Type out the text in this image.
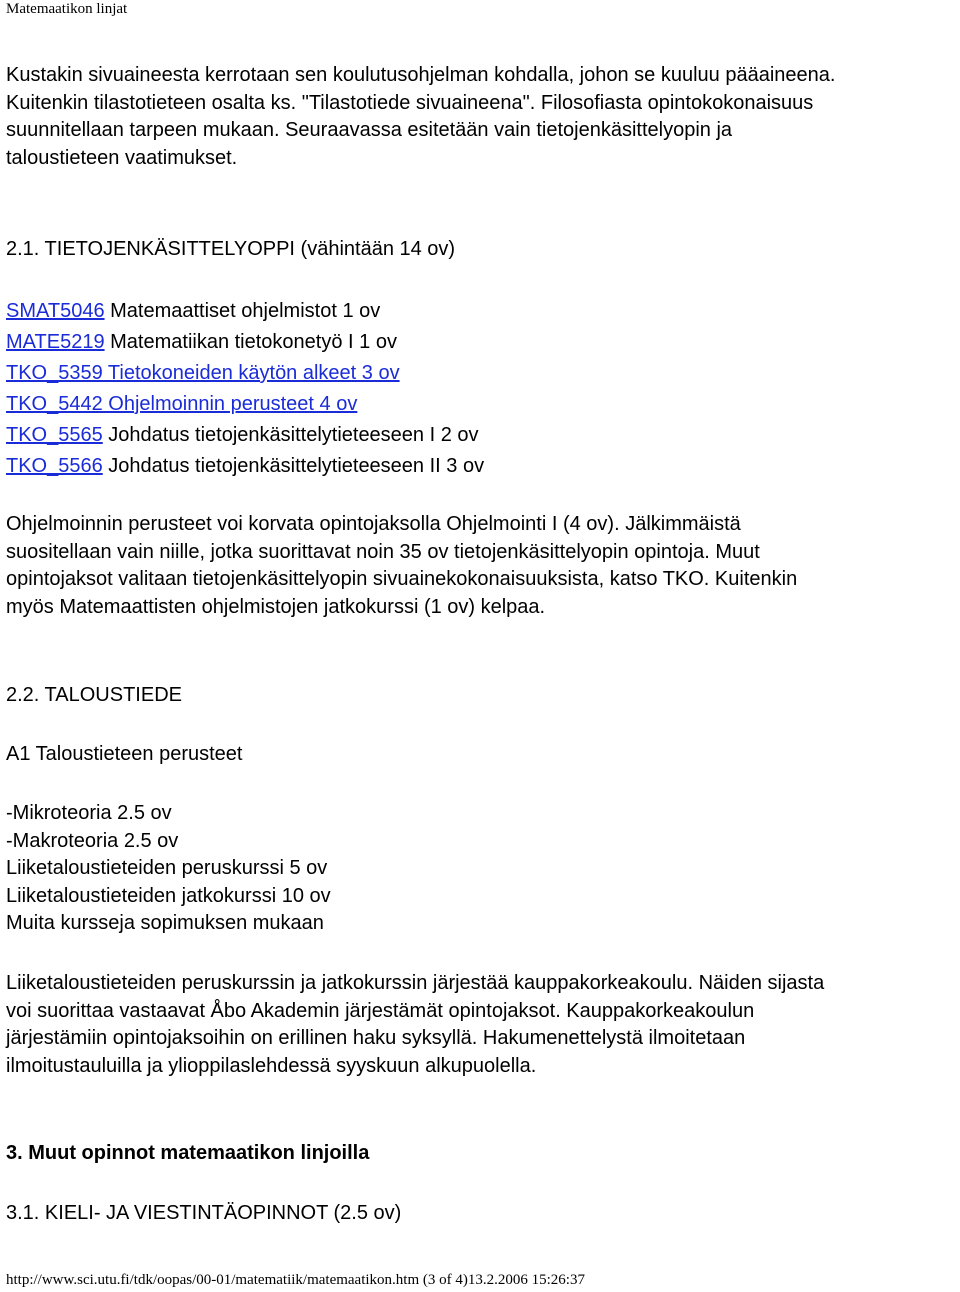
Matemaatikon linjat
Kustakin sivuaineesta kerrotaan sen koulutusohjelman kohdalla, johon se kuuluu pääaineena.
Kuitenkin tilastotieteen osalta ks. "Tilastotiede sivuaineena". Filosofiasta opintokokonaisuus
suunnitellaan tarpeen mukaan. Seuraavassa esitetään vain tietojenkäsittelyopin ja
taloustieteen vaatimukset.
2.1. TIETOJENKÄSITTELYOPPI (vähintään 14 ov)
SMAT5046 Matemaattiset ohjelmistot 1 ov
MATE5219 Matematiikan tietokonetyö I 1 ov
TKO_5359 Tietokoneiden käytön alkeet 3 ov
TKO_5442 Ohjelmoinnin perusteet 4 ov
TKO_5565 Johdatus tietojenkäsittelytieteeseen I 2 ov
TKO_5566 Johdatus tietojenkäsittelytieteeseen II 3 ov
Ohjelmoinnin perusteet voi korvata opintojaksolla Ohjelmointi I (4 ov). Jälkimmäistä
suositellaan vain niille, jotka suorittavat noin 35 ov tietojenkäsittelyopin opintoja. Muut
opintojaksot valitaan tietojenkäsittelyopin sivuainekokonaisuuksista, katso TKO. Kuitenkin
myös Matemaattisten ohjelmistojen jatkokurssi (1 ov) kelpaa.
2.2. TALOUSTIEDE
A1 Taloustieteen perusteet
-Mikroteoria 2.5 ov
-Makroteoria 2.5 ov
Liiketaloustieteiden peruskurssi 5 ov
Liiketaloustieteiden jatkokurssi 10 ov
Muita kursseja sopimuksen mukaan
Liiketaloustieteiden peruskurssin ja jatkokurssin järjestää kauppakorkeakoulu. Näiden sijasta
voi suorittaa vastaavat Åbo Akademin järjestämät opintojaksot. Kauppakorkeakoulun
järjestämiin opintojaksoihin on erillinen haku syksyllä. Hakumenettelystä ilmoitetaan
ilmoitustauluilla ja ylioppilaslehdessä syyskuun alkupuolella.
3. Muut opinnot matemaatikon linjoilla
3.1. KIELI- JA VIESTINTÄOPINNOT (2.5 ov)
http://www.sci.utu.fi/tdk/oopas/00-01/matematiik/matemaatikon.htm (3 of 4)13.2.2006 15:26:37
